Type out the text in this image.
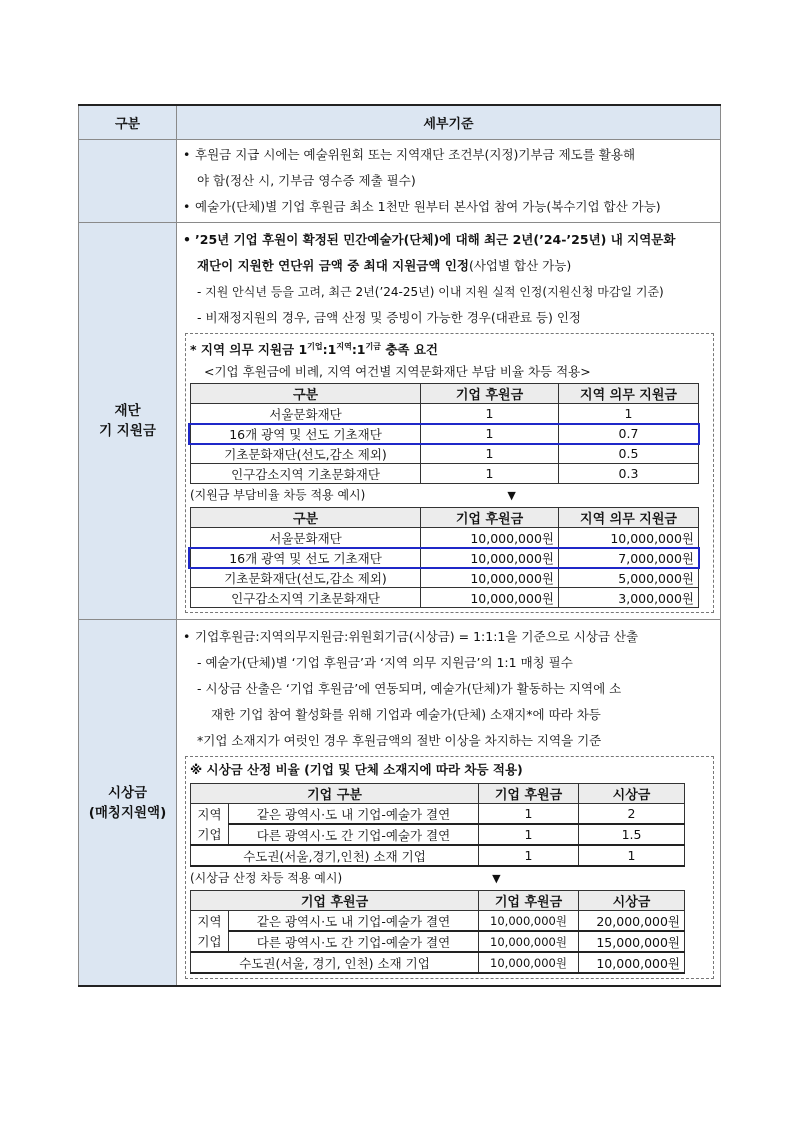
구분	세부기준

• 후원금 지급 시에는 예술위원회 또는 지역재단 조건부(지정)기부금 제도를 활용해
야 함(정산 시, 기부금 영수증 제출 필수)
• 예술가(단체)별 기업 후원금 최소 1천만 원부터 본사업 참여 가능(복수기업 합산 가능)

재단
기 지원금

• ’25년 기업 후원이 확정된 민간예술가(단체)에 대해 최근 2년(’24-’25년) 내 지역문화
재단이 지원한 연단위 금액 중 최대 지원금액 인정(사업별 합산 가능)
- 지원 안식년 등을 고려, 최근 2년(’24-25년) 이내 지원 실적 인정(지원신청 마감일 기준)
- 비재정지원의 경우, 금액 산정 및 증빙이 가능한 경우(대관료 등) 인정
* 지역 의무 지원금 $1^{기업}:1^{지역}:1^{기금}$ 충족 요건
<기업 후원금에 비례, 지역 여건별 지역문화재단 부담 비율 차등 적용>
구분	기업 후원금	지역 의무 지원금
서울문화재단	1	1
16개 광역 및 선도 기초재단	1	0.7
기초문화재단(선도,감소 제외)	1	0.5
인구감소지역 기초문화재단	1	0.3
(지원금 부담비율 차등 적용 예시)	▼
구분	기업 후원금	지역 의무 지원금
서울문화재단	10,000,000원	10,000,000원
16개 광역 및 선도 기초재단	10,000,000원	7,000,000원
기초문화재단(선도,감소 제외)	10,000,000원	5,000,000원
인구감소지역 기초문화재단	10,000,000원	3,000,000원

시상금
(매칭지원액)

• 기업후원금:지역의무지원금:위원회기금(시상금) = 1:1:1을 기준으로 시상금 산출
- 예술가(단체)별 ‘기업 후원금’과 ‘지역 의무 지원금’의 1:1 매칭 필수
- 시상금 산출은 ‘기업 후원금’에 연동되며, 예술가(단체)가 활동하는 지역에 소
재한 기업 참여 활성화를 위해 기업과 예술가(단체) 소재지*에 따라 차등
*기업 소재지가 여럿인 경우 후원금액의 절반 이상을 차지하는 지역을 기준
※ 시상금 산정 비율 (기업 및 단체 소재지에 따라 차등 적용)
기업 구분	기업 후원금	시상금
지역	같은 광역시·도 내 기업-예술가 결연	1	2
기업	다른 광역시·도 간 기업-예술가 결연	1	1.5
수도권(서울,경기,인천) 소재 기업	1	1
(시상금 산정 차등 적용 예시)	▼
기업 후원금	기업 후원금	시상금
지역	같은 광역시·도 내 기업-예술가 결연	10,000,000원	20,000,000원
기업	다른 광역시·도 간 기업-예술가 결연	10,000,000원	15,000,000원
수도권(서울, 경기, 인천) 소재 기업	10,000,000원	10,000,000원
